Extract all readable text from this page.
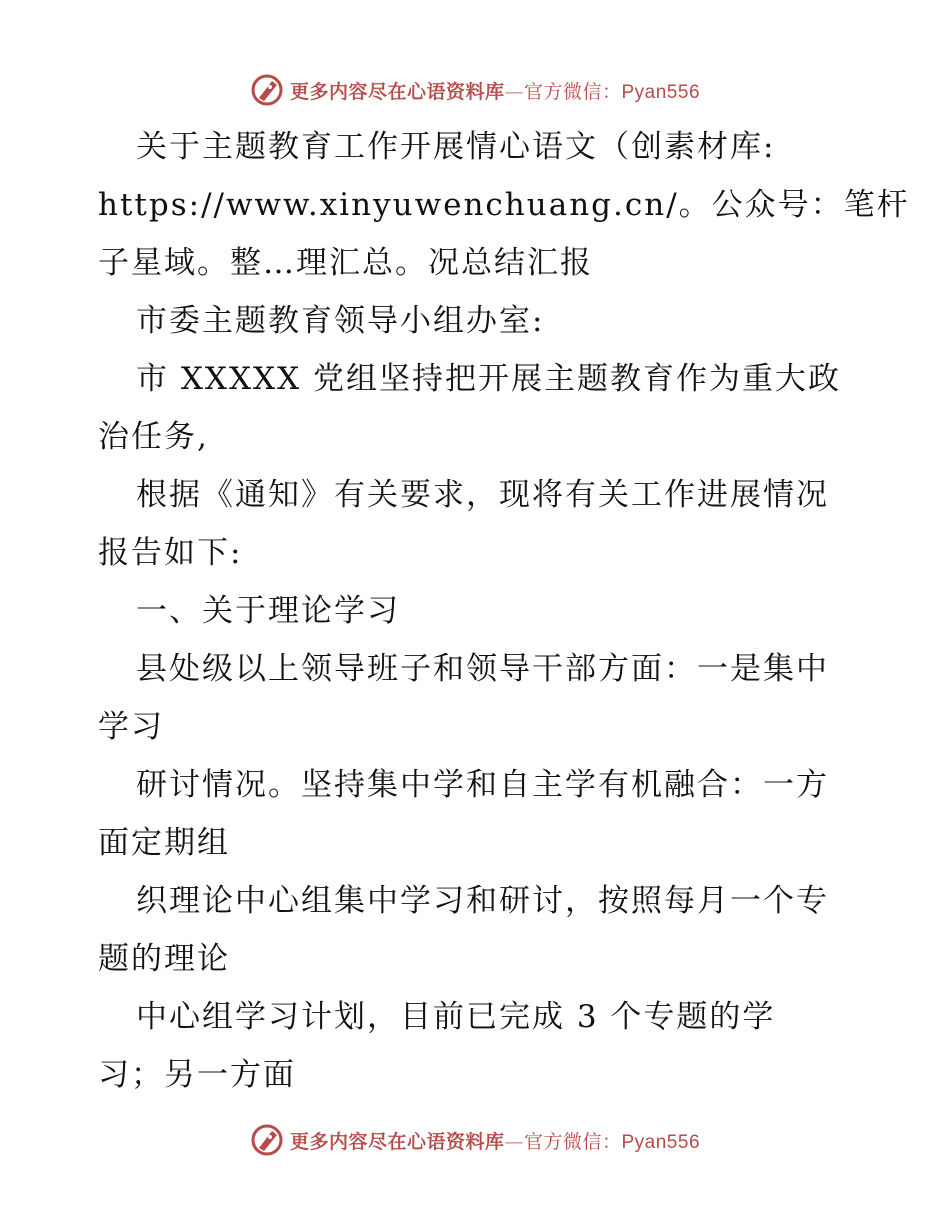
更多内容尽在心语资料库—官方微信：Pyan556
关于主题教育工作开展情心语文（创素材库:
https://www.xinyuwenchuang.cn/。公众号：笔杆
子星域。整…理汇总。况总结汇报
市委主题教育领导小组办室:
市 XXXXX 党组坚持把开展主题教育作为重大政
治任务,
根据《通知》有关要求，现将有关工作进展情况
报告如下:
一、关于理论学习
县处级以上领导班子和领导干部方面：一是集中
学习
研讨情况。坚持集中学和自主学有机融合：一方
面定期组
织理论中心组集中学习和研讨，按照每月一个专
题的理论
中心组学习计划，目前已完成 3 个专题的学
习；另一方面
更多内容尽在心语资料库—官方微信：Pyan556
